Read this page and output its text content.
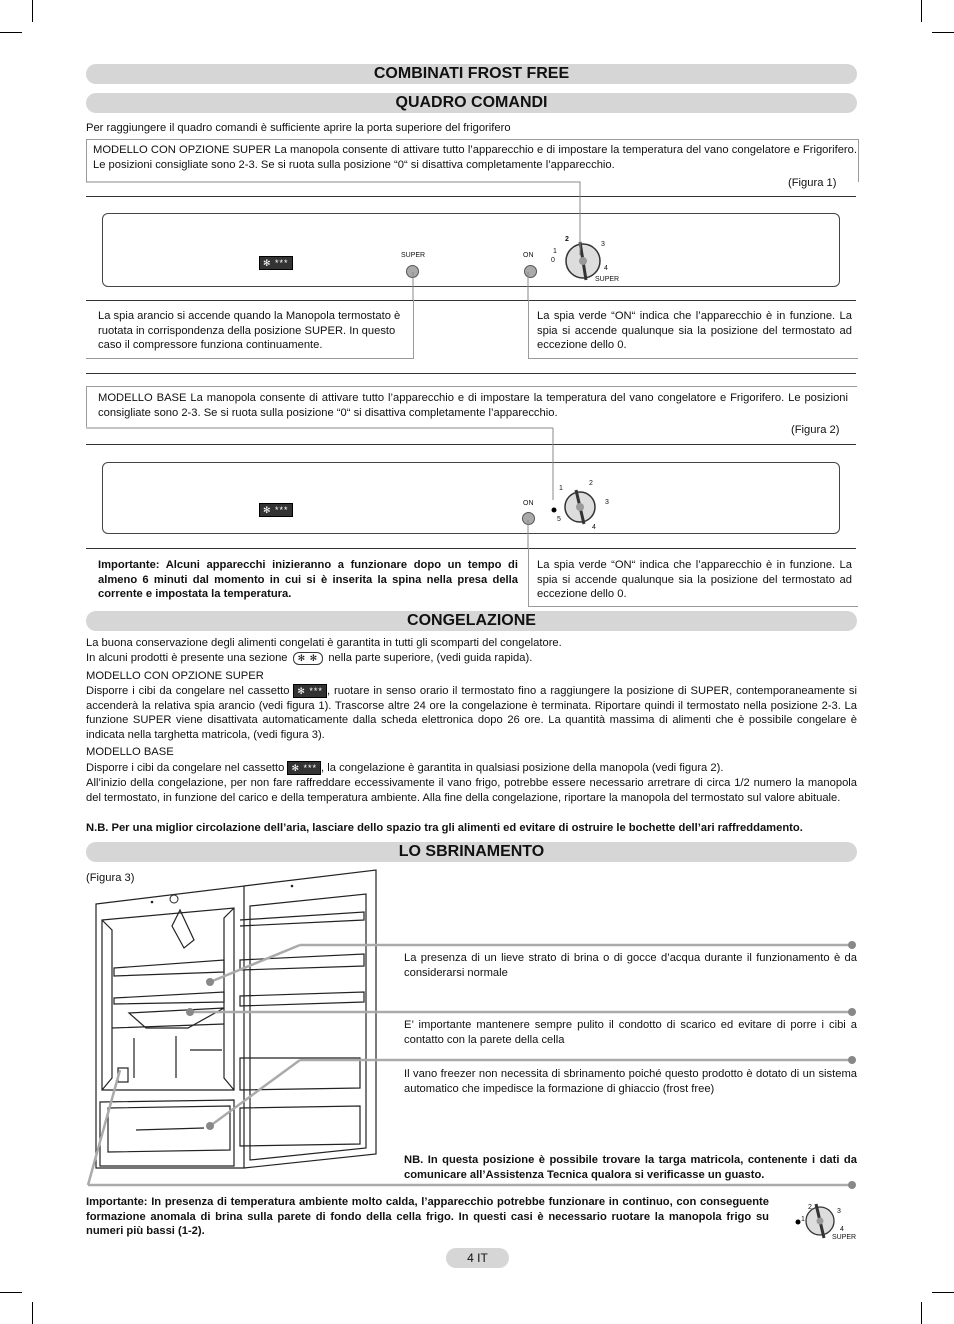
COMBINATI FROST FREE
QUADRO COMANDI
Per raggiungere il quadro comandi è sufficiente aprire la porta superiore del frigorifero
MODELLO CON OPZIONE SUPER La manopola consente di attivare tutto l’apparecchio e di impostare la temperatura del vano congelatore e Frigorifero. Le posizioni consigliate sono 2-3. Se si ruota sulla posizione “0“ si disattiva completamente l’apparecchio.
(Figura 1)
✻ ***
SUPER	ON
1
0
2
3
4
SUPER
La spia arancio si accende quando la Manopola termostato è ruotata in corrispondenza della posizione SUPER. In questo caso il compressore funziona continuamente.
La spia verde “ON“ indica che l’apparecchio è in funzione. La spia si accende qualunque sia la posizione del termostato ad eccezione dello 0.
MODELLO BASE La manopola consente di attivare tutto l’apparecchio e di impostare la temperatura del vano congelatore e Frigorifero. Le posizioni consigliate sono 2-3. Se si ruota sulla posizione “0“ si disattiva completamente l’apparecchio.
(Figura 2)
✻ ***
ON
1
2
3
4
5
Importante: Alcuni apparecchi inizieranno a funzionare dopo un tempo di almeno 6 minuti dal momento in cui si è inserita la spina nella presa della corrente e impostata la temperatura.
La spia verde “ON“ indica che l’apparecchio è in funzione. La spia si accende qualunque sia la posizione del termostato ad eccezione dello 0.
CONGELAZIONE
La buona conservazione degli alimenti congelati è garantita in tutti gli scomparti del congelatore.
In alcuni prodotti è presente una sezione ✻ ✻ nella parte superiore, (vedi guida rapida).
MODELLO CON OPZIONE SUPER
Disporre i cibi da congelare nel cassetto ✻ *** , ruotare in senso orario il termostato fino a raggiungere la posizione di SUPER, contemporaneamente si accenderà la relativa spia arancio (vedi figura 1). Trascorse altre 24 ore la congelazione è terminata. Riportare quindi il termostato nella posizione 2-3. La funzione SUPER viene disattivata automaticamente dalla scheda elettronica dopo 26 ore. La quantità massima di alimenti che è possibile congelare è indicata nella targhetta matricola, (vedi figura 3).
MODELLO BASE
Disporre i cibi da congelare nel cassetto ✻ *** , la congelazione è garantita in qualsiasi posizione della manopola (vedi figura 2).
All’inizio della congelazione, per non fare raffreddare eccessivamente il vano frigo, potrebbe essere necessario arretrare di circa 1/2 numero la manopola del termostato, in funzione del carico e della temperatura ambiente. Alla fine della congelazione, riportare la manopola del termostato sul valore abituale.
N.B. Per una miglior circolazione dell’aria, lasciare dello spazio tra gli alimenti ed evitare di ostruire le bochette dell’ari raffreddamento.
LO SBRINAMENTO
(Figura 3)
La presenza di un lieve strato di brina o di gocce d’acqua durante il funzionamento è da considerarsi normale
E’ importante mantenere sempre pulito il condotto di scarico ed evitare di porre i cibi a contatto con la parete della cella
Il vano freezer non necessita di sbrinamento poiché questo prodotto è dotato di un sistema automatico che impedisce la formazione di ghiaccio (frost free)
NB. In questa posizione è possibile trovare la targa matricola, contenente i dati da comunicare all’Assistenza Tecnica qualora si verificasse un guasto.
Importante: In presenza di temperatura ambiente molto calda, l’apparecchio potrebbe funzionare in continuo, con conseguente formazione anomala di brina sulla parete di fondo della cella frigo. In questi casi è necessario ruotare la manopola frigo su numeri più bassi (1-2).
2
3
1
4
SUPER
4 IT
